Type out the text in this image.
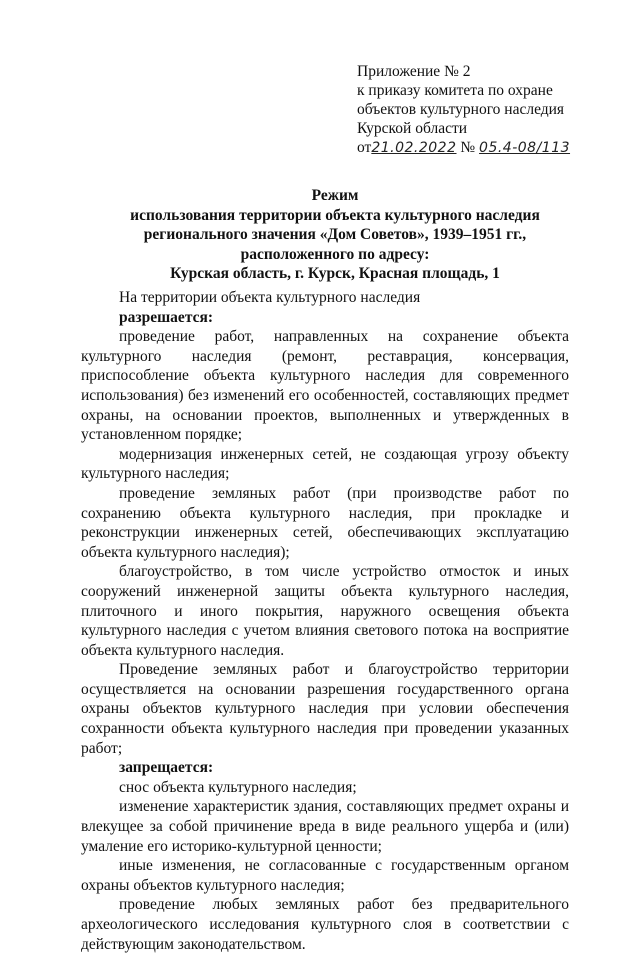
Приложение № 2
к приказу комитета по охране
объектов культурного наследия
Курской области
от21.02.2022 № 05.4-08/113
Режим
использования территории объекта культурного наследия
регионального значения «Дом Советов», 1939–1951 гг.,
расположенного по адресу:
Курская область, г. Курск, Красная площадь, 1
На территории объекта культурного наследия
разрешается:
проведение работ, направленных на сохранение объекта культурного наследия (ремонт, реставрация, консервация, приспособление объекта культурного наследия для современного использования) без изменений его особенностей, составляющих предмет охраны, на основании проектов, выполненных и утвержденных в установленном порядке;
модернизация инженерных сетей, не создающая угрозу объекту культурного наследия;
проведение земляных работ (при производстве работ по сохранению объекта культурного наследия, при прокладке и реконструкции инженерных сетей, обеспечивающих эксплуатацию объекта культурного наследия);
благоустройство, в том числе устройство отмосток и иных сооружений инженерной защиты объекта культурного наследия, плиточного и иного покрытия, наружного освещения объекта культурного наследия с учетом влияния светового потока на восприятие объекта культурного наследия.
Проведение земляных работ и благоустройство территории осуществляется на основании разрешения государственного органа охраны объектов культурного наследия при условии обеспечения сохранности объекта культурного наследия при проведении указанных работ;
запрещается:
снос объекта культурного наследия;
изменение характеристик здания, составляющих предмет охраны и влекущее за собой причинение вреда в виде реального ущерба и (или) умаление его историко-культурной ценности;
иные изменения, не согласованные с государственным органом охраны объектов культурного наследия;
проведение любых земляных работ без предварительного археологического исследования культурного слоя в соответствии с действующим законодательством.
